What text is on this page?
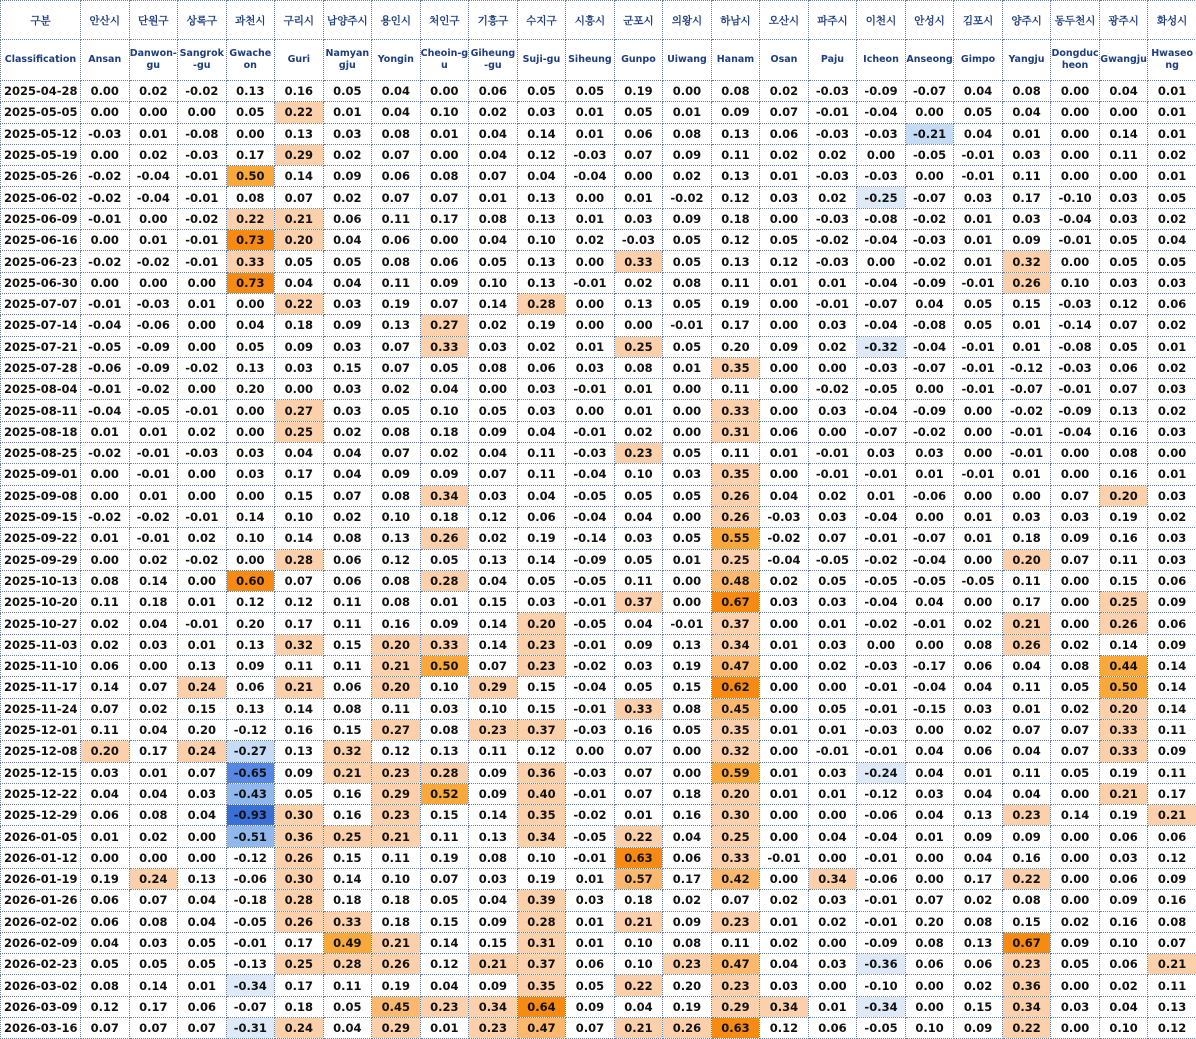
구분	안산시	단원구	상록구	과천시	구리시	남양주시	용인시	처인구	기흥구	수지구	시흥시	군포시	의왕시	하남시	오산시	파주시	이천시	안성시	김포시	양주시	동두천시	광주시	화성시
Classification	Ansan	Danwon-gu	Sangrok-gu	Gwacheon	Guri	Namyangju	Yongin	Cheoin-gu	Giheung-gu	Suji-gu	Siheung	Gunpo	Uiwang	Hanam	Osan	Paju	Icheon	Anseong	Gimpo	Yangju	Dongducheon	Gwangju	Hwaseong
2025-04-28	0.00	0.02	-0.02	0.13	0.16	0.05	0.04	0.00	0.06	0.05	0.05	0.19	0.00	0.08	0.02	-0.03	-0.09	-0.07	0.04	0.08	0.00	0.04	0.01
2025-05-05	0.00	0.00	0.00	0.05	0.22	0.01	0.04	0.10	0.02	0.03	0.01	0.05	0.01	0.09	0.07	-0.01	-0.04	0.00	0.05	0.04	0.00	0.00	0.01
2025-05-12	-0.03	0.01	-0.08	0.00	0.13	0.03	0.08	0.01	0.04	0.14	0.01	0.06	0.08	0.13	0.06	-0.03	-0.03	-0.21	0.04	0.01	0.00	0.14	0.01
2025-05-19	0.00	0.02	-0.03	0.17	0.29	0.02	0.07	0.00	0.04	0.12	-0.03	0.07	0.09	0.11	0.02	0.02	0.00	-0.05	-0.01	0.03	0.00	0.11	0.02
2025-05-26	-0.02	-0.04	-0.01	0.50	0.14	0.09	0.06	0.08	0.07	0.04	-0.04	0.00	0.02	0.13	0.01	-0.03	-0.03	0.00	-0.01	0.11	0.00	0.00	0.01
2025-06-02	-0.02	-0.04	-0.01	0.08	0.07	0.02	0.07	0.07	0.01	0.13	0.00	0.01	-0.02	0.12	0.03	0.02	-0.25	-0.07	0.03	0.17	-0.10	0.03	0.05
2025-06-09	-0.01	0.00	-0.02	0.22	0.21	0.06	0.11	0.17	0.08	0.13	0.01	0.03	0.09	0.18	0.00	-0.03	-0.08	-0.02	0.01	0.03	-0.04	0.03	0.02
2025-06-16	0.00	0.01	-0.01	0.73	0.20	0.04	0.06	0.00	0.04	0.10	0.02	-0.03	0.05	0.12	0.05	-0.02	-0.04	-0.03	0.01	0.09	-0.01	0.05	0.04
2025-06-23	-0.02	-0.02	-0.01	0.33	0.05	0.05	0.08	0.06	0.05	0.13	0.00	0.33	0.05	0.13	0.12	-0.03	0.00	-0.02	0.01	0.32	0.00	0.05	0.05
2025-06-30	0.00	0.00	0.00	0.73	0.04	0.04	0.11	0.09	0.10	0.13	-0.01	0.02	0.08	0.11	0.01	0.01	-0.04	-0.09	-0.01	0.26	0.10	0.03	0.03
2025-07-07	-0.01	-0.03	0.01	0.00	0.22	0.03	0.19	0.07	0.14	0.28	0.00	0.13	0.05	0.19	0.00	-0.01	-0.07	0.04	0.05	0.15	-0.03	0.12	0.06
2025-07-14	-0.04	-0.06	0.00	0.04	0.18	0.09	0.13	0.27	0.02	0.19	0.00	0.00	-0.01	0.17	0.00	0.03	-0.04	-0.08	0.05	0.01	-0.14	0.07	0.02
2025-07-21	-0.05	-0.09	0.00	0.05	0.09	0.03	0.07	0.33	0.03	0.02	0.01	0.25	0.05	0.20	0.09	0.02	-0.32	-0.04	-0.01	0.01	-0.08	0.05	0.01
2025-07-28	-0.06	-0.09	-0.02	0.13	0.03	0.15	0.07	0.05	0.08	0.06	0.03	0.08	0.01	0.35	0.00	0.00	-0.03	-0.07	-0.01	-0.12	-0.03	0.06	0.02
2025-08-04	-0.01	-0.02	0.00	0.20	0.00	0.03	0.02	0.04	0.00	0.03	-0.01	0.01	0.00	0.11	0.00	-0.02	-0.05	0.00	-0.01	-0.07	-0.01	0.07	0.03
2025-08-11	-0.04	-0.05	-0.01	0.00	0.27	0.03	0.05	0.10	0.05	0.03	0.00	0.01	0.00	0.33	0.00	0.03	-0.04	-0.09	0.00	-0.02	-0.09	0.13	0.02
2025-08-18	0.01	0.01	0.02	0.00	0.25	0.02	0.08	0.18	0.09	0.04	-0.01	0.02	0.00	0.31	0.06	0.00	-0.07	-0.02	0.00	-0.01	-0.04	0.16	0.03
2025-08-25	-0.02	-0.01	-0.03	0.03	0.04	0.04	0.07	0.02	0.04	0.11	-0.03	0.23	0.05	0.11	0.01	-0.01	0.03	0.03	0.00	-0.01	0.00	0.08	0.00
2025-09-01	0.00	-0.01	0.00	0.03	0.17	0.04	0.09	0.09	0.07	0.11	-0.04	0.10	0.03	0.35	0.00	-0.01	-0.01	0.01	-0.01	0.01	0.00	0.16	0.01
2025-09-08	0.00	0.01	0.00	0.00	0.15	0.07	0.08	0.34	0.03	0.04	-0.05	0.05	0.05	0.26	0.04	0.02	0.01	-0.06	0.00	0.00	0.07	0.20	0.03
2025-09-15	-0.02	-0.02	-0.01	0.14	0.10	0.02	0.10	0.18	0.12	0.06	-0.04	0.04	0.00	0.26	-0.03	0.03	-0.04	0.00	0.01	0.03	0.03	0.19	0.02
2025-09-22	0.01	-0.01	0.02	0.10	0.14	0.08	0.13	0.26	0.02	0.19	-0.14	0.03	0.05	0.55	-0.02	0.07	-0.01	-0.07	0.01	0.18	0.09	0.16	0.03
2025-09-29	0.00	0.02	-0.02	0.00	0.28	0.06	0.12	0.05	0.13	0.14	-0.09	0.05	0.01	0.25	-0.04	-0.05	-0.02	-0.04	0.00	0.20	0.07	0.11	0.03
2025-10-13	0.08	0.14	0.00	0.60	0.07	0.06	0.08	0.28	0.04	0.05	-0.05	0.11	0.00	0.48	0.02	0.05	-0.05	-0.05	-0.05	0.11	0.00	0.15	0.06
2025-10-20	0.11	0.18	0.01	0.12	0.12	0.11	0.08	0.01	0.15	0.03	-0.01	0.37	0.00	0.67	0.03	0.03	-0.04	0.04	0.00	0.17	0.00	0.25	0.09
2025-10-27	0.02	0.04	-0.01	0.20	0.17	0.11	0.16	0.09	0.14	0.20	-0.05	0.04	-0.01	0.37	0.00	0.01	-0.02	-0.01	0.02	0.21	0.00	0.26	0.06
2025-11-03	0.02	0.03	0.01	0.13	0.32	0.15	0.20	0.33	0.14	0.23	-0.01	0.09	0.13	0.34	0.01	0.03	0.00	0.00	0.08	0.26	0.02	0.14	0.09
2025-11-10	0.06	0.00	0.13	0.09	0.11	0.11	0.21	0.50	0.07	0.23	-0.02	0.03	0.19	0.47	0.00	0.02	-0.03	-0.17	0.06	0.04	0.08	0.44	0.14
2025-11-17	0.14	0.07	0.24	0.06	0.21	0.06	0.20	0.10	0.29	0.15	-0.04	0.05	0.15	0.62	0.00	0.00	-0.01	-0.04	0.04	0.11	0.05	0.50	0.14
2025-11-24	0.07	0.02	0.15	0.13	0.14	0.08	0.11	0.03	0.10	0.15	-0.01	0.33	0.08	0.45	0.00	0.05	-0.01	-0.15	0.03	0.01	0.02	0.20	0.14
2025-12-01	0.11	0.04	0.20	-0.12	0.16	0.15	0.27	0.08	0.23	0.37	-0.03	0.16	0.05	0.35	0.01	0.01	-0.03	0.00	0.02	0.07	0.07	0.33	0.11
2025-12-08	0.20	0.17	0.24	-0.27	0.13	0.32	0.12	0.13	0.11	0.12	0.00	0.07	0.00	0.32	0.00	-0.01	-0.01	0.04	0.06	0.04	0.07	0.33	0.09
2025-12-15	0.03	0.01	0.07	-0.65	0.09	0.21	0.23	0.28	0.09	0.36	-0.03	0.07	0.00	0.59	0.01	0.03	-0.24	0.04	0.01	0.11	0.05	0.19	0.11
2025-12-22	0.04	0.04	0.03	-0.43	0.05	0.16	0.29	0.52	0.09	0.40	-0.01	0.07	0.18	0.20	0.01	0.01	-0.12	0.03	0.04	0.04	0.00	0.21	0.17
2025-12-29	0.06	0.08	0.04	-0.93	0.30	0.16	0.23	0.15	0.14	0.35	-0.02	0.01	0.16	0.30	0.00	0.00	-0.06	0.04	0.13	0.23	0.14	0.19	0.21
2026-01-05	0.01	0.02	0.00	-0.51	0.36	0.25	0.21	0.11	0.13	0.34	-0.05	0.22	0.04	0.25	0.00	0.04	-0.04	0.01	0.09	0.09	0.00	0.06	0.06
2026-01-12	0.00	0.00	0.00	-0.12	0.26	0.15	0.11	0.19	0.08	0.10	-0.01	0.63	0.06	0.33	-0.01	0.00	-0.01	0.00	0.04	0.16	0.00	0.03	0.12
2026-01-19	0.19	0.24	0.13	-0.06	0.30	0.14	0.10	0.07	0.03	0.19	0.01	0.57	0.17	0.42	0.00	0.34	-0.06	0.00	0.17	0.22	0.00	0.06	0.09
2026-01-26	0.06	0.07	0.04	-0.18	0.28	0.18	0.18	0.05	0.04	0.39	0.03	0.18	0.02	0.07	0.02	0.03	-0.01	0.07	0.02	0.08	0.00	0.09	0.16
2026-02-02	0.06	0.08	0.04	-0.05	0.26	0.33	0.18	0.15	0.09	0.28	0.01	0.21	0.09	0.23	0.01	0.02	-0.01	0.20	0.08	0.15	0.02	0.16	0.08
2026-02-09	0.04	0.03	0.05	-0.01	0.17	0.49	0.21	0.14	0.15	0.31	0.01	0.10	0.08	0.11	0.02	0.00	-0.09	0.08	0.13	0.67	0.09	0.10	0.07
2026-02-23	0.05	0.05	0.05	-0.13	0.25	0.28	0.26	0.12	0.21	0.37	0.06	0.10	0.23	0.47	0.04	0.03	-0.36	0.06	0.06	0.23	0.05	0.06	0.21
2026-03-02	0.08	0.14	0.01	-0.34	0.17	0.11	0.19	0.04	0.09	0.35	0.05	0.22	0.20	0.23	0.03	0.00	-0.10	0.00	0.02	0.36	0.00	0.02	0.11
2026-03-09	0.12	0.17	0.06	-0.07	0.18	0.05	0.45	0.23	0.34	0.64	0.09	0.04	0.19	0.29	0.34	0.01	-0.34	0.00	0.15	0.34	0.03	0.04	0.13
2026-03-16	0.07	0.07	0.07	-0.31	0.24	0.04	0.29	0.01	0.23	0.47	0.07	0.21	0.26	0.63	0.12	0.06	-0.05	0.10	0.09	0.22	0.00	0.10	0.12
